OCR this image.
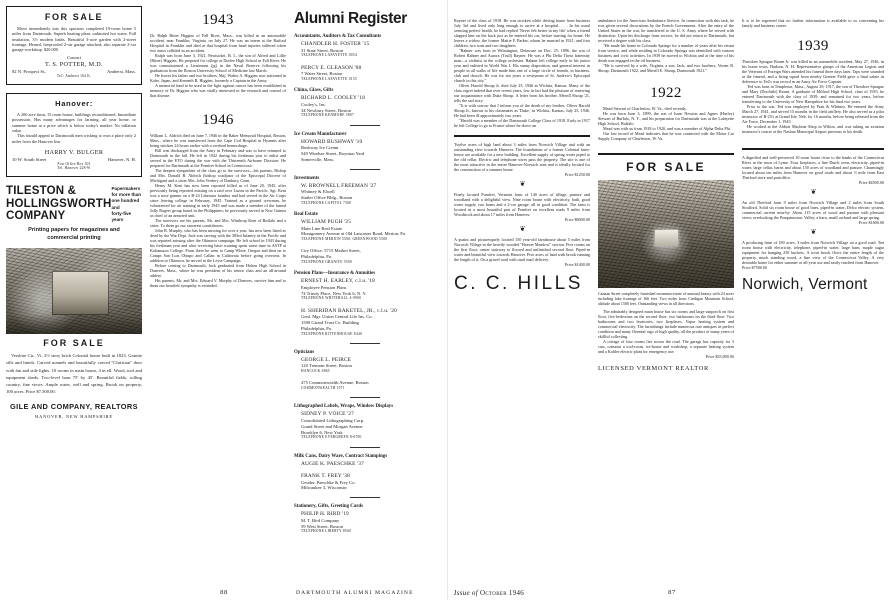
FOR SALE

Move immediately into this spacious completed 10-room home 5 miles from Dartmouth. Superb heating plant, unlimited hot water. Full insulation, 3½ modern baths. Beautiful 3-acre garden with 2-street frontage. Heated, fireproofed 2-car garage attached; also separate 2-car garage-workshop. $20,000.

Contact
T. S. POTTER, M.D.
82 N. Prospect St.,	Amherst, Mass.
Tel.: Amherst 164 K.
Hanover:

A 200 acre farm, 15 room house, buildings reconditioned. Immediate possession. Has many advantages for farming, all year home, or summer home at a price which is below today's market. No inflation value.

This should appeal to Dartmouth men wishing to own a place only 2 miles from the Hanover Inn.

HARRY V. BULGER
10 W. South Street	Hanover, N. H.
Post Office Box 301
Tel. Hanover 228-W
TILESTON &
HOLLINGSWORTH
COMPANY
Papermakers
for more than
one hundred and
forty-five years
Printing papers for magazines and
commercial printing
FOR SALE

Vershire Ctr., Vt. 2½ story brick Colonial house built in 1823. Granite sills and lintels. Carved mantels and beautifully carved "Christian" door with fan and side lights. 10 rooms in main house, 4 in ell. Wood, tool and equipment sheds. Two-level barn 75' by 45'. Beautiful fields, rolling country, fine views. Ample water, well and spring. Brook on property, 100 acres. Price $7,500.00.

GILE AND COMPANY, REALTORS
HANOVER, NEW HAMPSHIRE
1943

Dr. Ralph Ritter Higgins of Fall River, Mass., was killed in an automobile accident, near Franklin, Virginia, on July 27. He was an intern at the Raiford Hospital in Franklin and died at that hospital from head injuries suffered when two autos collided in an accident.

Ralph was born June 3, 1921, Pawtucket, R. I., the son of Alfred and Lillie (Ritter) Higgins. He prepared for college at Durfee High School in Fall River. He was commissioned a Lieutenant (jg) in the Naval Reserve following his graduation from the Boston University School of Medicine last March.

He leaves his father and two brothers, Maj. Walter A. Higgins now stationed in Kobe, Japan, and Kenneth R. Higgins, formerly a Captain in the Army.

A memorial fund to be used in the fight against cancer has been established in memory of Dr. Higgins who was vitally interested in the research and control of that disease.

1946

William L. Aldrich died on June 7, 1946 in the Baker Memorial Hospital, Boston, Mass., where he was transferred from the Cape Cod Hospital in Hyannis after being stricken 24 hours earlier with a cerebral hemorrhage.

Bill was discharged from the Army in February and was to have returned to Dartmouth in the fall. He left in 1942 during his freshman year to enlist and served in the ETO during the war with the Thirteenth Airborne Division. He prepared for Dartmouth at the Pomfret School in Connecticut.

The deepest sympathies of the class go to the survivors—his parents, Bishop and Mrs. Donald B. Aldrich (bishop coadjutor of the Episcopal Diocese of Michigan) and a sister Mrs. John Verdery of Danbury, Conn.

Henry M. Kent has now been reported killed as of June 20, 1945, after previously being reported missing on a raid over Luzon in the Pacific. Sgt. Kent was a nose gunner on a B-24 Liberator bomber and had served in the Air Corps since leaving college in February, 1945. Trained as a ground crewman, he volunteered for air training in early 1945 and was made a member of the famed Jolly Rogers group based in the Philippines; he previously served in New Guinea as chief of an armored unit.

The survivors are his parents, Mr. and Mrs. Winthrop Kent of Buffalo and a sister. To them go our sincerest condolences.

John B. Murphy, who has been missing for over a year, has now been listed as dead by the War Dept. Jack was serving with the 383rd Infantry in the Pacific and was reported missing after the Okinawa campaign. He left school in 1943 during his freshman year and after receiving basic training spent some time in ASTP at Kalamazoo College. From there he went to Camp White, Oregon and then on to Camps San Luis Obispo and Callan in California before going overseas. In addition to Okinawa, he served in the Leyte Campaign.

Before coming to Dartmouth, Jack graduated from Holten High School in Danvers, Mass., where he was president of his senior class and an all-around athlete.

His parents, Mr. and Mrs. Edward V. Murphy of Danvers, survive him and to them our heartfelt sympathy is extended.

Alumni Register
Accountants, Auditors & Tax Consultants
CHANDLER H. FOSTER '15
31 State Street, Boston
TELEPHONE LAFAYETTE 0054
PERCY E. GLEASON '08
7 Water Street, Boston
TELEPHONE LAFAYETTE 0155
China, Glass, Gifts
RICHARD L. COOLEY '18
Cooley's, Inc.
34 Newbury Street, Boston
TELEPHONE KENMORE 5807
Ice Cream Manufacturer
HOWARD BUSHWAY '10
Bushway Ice Cream
549 Windsor Street, Boynton Yard
Somerville, Mass.
Investments
W. BROWNELL FREEMAN '27
Whitney & Elwell
Statler Office Bldg., Boston
TELEPHONE CAPITOL 7300
Real Estate
WILLIAM PUGH '25
Main Line Real Estate
Montgomery Avenue at Old Lancaster Road, Merion, Pa.
TELEPHONE MERION 5500, GREENWOOD 5500
City Office: 5715 Market Street,
Philadelphia, Pa.
TELEPHONE GRANITE 5500
Pension Plans—Insurance & Annuities
ERNEST H. EARLEY, c.l.u. '18
Employee Pension Plans
74 Trinity Place, New York 6, N. Y.
TELEPHONE WHITEHALL 4-0900
H. SHERIDAN BAKETEL, JR., c.l.u. '20
Genl. Mgr. Union Central Life Ins. Co.
1500 Girard Trust Co. Building
Philadelphia, Pa.
TELEPHONE RITTENHOUSE 8440
Opticians
GEORGE L. PEIRCE
120 Tremont Street, Boston
HANCOCK 6865
475 Commonwealth Avenue, Boston
COMMONWEALTH 1971
Lithographed Labels, Wraps, Window Displays
SIDNEY P. VOICE '27
Consolidated Lithographing Corp.
Grand Street and Morgan Avenue
Brooklyn 6, New York
TELEPHONE EVERGREEN 8-6700
Milk Cans, Dairy Ware, Contract Stampings
AUGIE K. PAESCHKE '37
FRANK T. FREY '38
Geuder, Paeschke & Frey Co.
Milwaukee 3, Wisconsin
Stationery, Gifts, Greeting Cards
PHILIP H. BIRD '19
M. T. Bird Company
59 West Street, Boston
TELEPHONE LIBERTY 8560
88	DARTMOUTH ALUMNI MAGAZINE

Rayner of the class of 1918. He was stricken while driving home from business July 3rd and lived only long enough to arrive at a hospital. . . . In his usual seeming perfect health, he had replied 'Never felt better in my life' when a friend slapped him on the back just as he entered his car, before starting for home. He leaves a widow, the former Mattie F. Parker, whom he married in 1921, and four children, two sons and two daughters.

"Rahner was born in Wilmington, Delaware on Dec. 25, 1896, the son of Robert Rahner and Aurora (Trull) Rayner. He was a Phi Delta Theta fraternity man—a violinist in the college orchestra. Rahner left college early in his junior year and enlisted in World War I. His sunny disposition, and general interest in people in all walks of life made him one of a large circle of friends, in business, club and church. He was for ten years a vestryman of St. Andrew's Episcopal church in this city."

Oliver Harold Shoup Jr. died July 25, 1946 at Wichita, Kansas. Many of the class regret indeed that over recent years, few in fact had the pleasure of renewing our acquaintance with Duke Shoup. A letter from his brother, Merrill Shoup '21, tells the sad story.

"It is with sorrow that I inform you of the death of my brother, Oliver Harold Shoup Jr., known to his classmates as 'Duke,' in Wichita, Kansas, July 25, 1946. He had been ill approximately two years.

"Harold was a member of the Dartmouth College Class of 1918. Early in 1917 he left College to go to France where he drove an

Twelve acres of high land about 3 miles from Norwich Village and with an outstanding view towards Hanover. The foundations of a former Colonial farm-house are available for a new building. Excellent supply of spring water piped to the old cellar. Electric and telephone wires pass the property. The site is one of the most attractive in the entire Hanover-Norwich area and is ideally located for the construction of a summer home.

Price $1250.00
❦

Finely located Pomfret, Vermont farm of 140 acres of tillage, pasture and woodland with a delightful view. Nine room house with electricity, bath, good water supply, two barns and a 2-car garage, all in good condition. The farm is located in a most beautiful part of Pomfret on excellent roads 9 miles from Woodstock and about 17 miles from Hanover.

Price $8000.00
❦

A quaint and picturesquely located 150 year-old farmhouse about 5 miles from Norwich Village in the heavily wooded "Beaver Meadow" section. Five rooms on the first floor, center stairway to floored and unfinished second floor. Piped-in water and beautiful view towards Hanover. Five acres of land with brook running the length of it. On a gravel road with rural mail delivery.

Price $1400.00
C. C. HILLS

ambulance for the American Ambulance Service. In connection with this task, he was given several decorations by the French Government. After the entry of the United States in the war, he transferred to the U. S. Army where he served with distinction. Upon his discharge from service, he did not return to Dartmouth, but received a degree with his class.

"He made his home in Colorado Springs for a number of years after his return from service, and while residing in Colorado Springs was identified with various business and civic activities. In 1939 he moved to Wichita and at the time of his death was engaged in the oil business.

"He is survived by a wife, Virginia, a son, Jack, and two brothers, Verner R. Shoup, Dartmouth 1922, and Merrill E. Shoup, Dartmouth 1921."

1922

Mead Stewart of Charleston, W. Va., died recently.

He was born June 3, 1899, the son of Isaac Newton and Agnes (Hurley) Stewart of Buffalo, N. Y., and his preparation for Dartmouth was at the Lafayette High School, Buffalo.

Mead was with us from 1918 to 1920, and was a member of Alpha Delta Phi.

Our last record of Mead indicates that he was connected with the Motor Car Supply Company of Charleston, W. Va.

FOR SALE
Canaan Street completely furnished mountain estate of unusual beauty with 24 acres including lake frontage of 166 feet. Two miles from Cardigan Mountain School, altitude about 1500 feet. Outstanding views in all directions.

The admirably designed main house has six rooms and large sunporch on first floor, five bedrooms on the second floor, two bathrooms on the third floor. Two bathrooms and two lavatories, two fireplaces. Vapor heating system and commercial electricity. The furnishings include numerous rare antiques in perfect condition and many Oriental rugs of high quality, all the product of many years of skillful collecting.

A cottage of four rooms lies across the road. The garage has capacity for 3 cars, contains a tool-room, ice-house and workshop, a separate heating system and a Kohler electric plant for emergency use.

Price $35,000.00
LICENSED VERMONT REALTOR

It is to be regretted that no further information is available to us concerning his family and business career.

1939

Theodore Sprague Bourn Jr. was killed in an automobile accident, May 27, 1946, in his home town, Hudson, N. H. Representative groups of the American Legion and the Veterans of Foreign Wars attended his funeral three days later. Taps were sounded at the funeral, and a firing squad from nearby Grenier Field gave a final salute in deference to Ted's war record as an Army Air Force Captain.

Ted was born in Templeton, Mass., August 29, 1917, the son of Theodore Sprague and Mary (Doolittle) Bourn. A graduate of Milford High School, class of 1935, he entered Dartmouth with the class of 1939, and remained for two years, before transferring to the University of New Hampshire for his final two years.

Prior to the war, Ted was employed by Pratt & Whitney. He entered the Army March 27, 1941, and served 15 months in the field artillery. He also served as a pilot instructor of B-25's at Grand Isle, Neb. for 16 months, before being released from the Air Force, December 1, 1945.

He worked at the Abbott Machine Shop in Wilton, and was taking an aviation instructor's course at the Nashua Municipal Airport previous to his death.

A dignified and well-preserved 10 room house close to the banks of the Connecticut River in the town of Lyme. Four fireplaces, a fine Dutch oven, electricity, piped-in water, large cellar, barns and about 150 acres of woodland and pasture. Charmingly located about ten miles from Hanover on good roads and about ½ mile from East Thetford store and postoffice.

Price $4500.00
❦

An old Thetford farm 9 miles from Norwich Village and 2 miles from South Strafford. Solid six room house of good lines, piped-in water, Delco electric system, commercial current near-by. About 115 acres of wood and pasture with pleasant views overlooking the Pompanoosuc Valley, a barn, small orchard and large spring.

Price $1600.00
❦

A producing farm of 180 acres, 3 miles from Norwich Village on a good road. Ten room house with electricity, telephone, piped-in water, large barn, maple sugar equipment for hanging 250 buckets. A trout brook flows the entire length of the property, much standing wood, a fine view of the Connecticut Valley. A very desirable home for either summer or all-year use and easily reached from Hanover.

Price $7500.00
Norwich, Vermont
87
Issue of October 1946
